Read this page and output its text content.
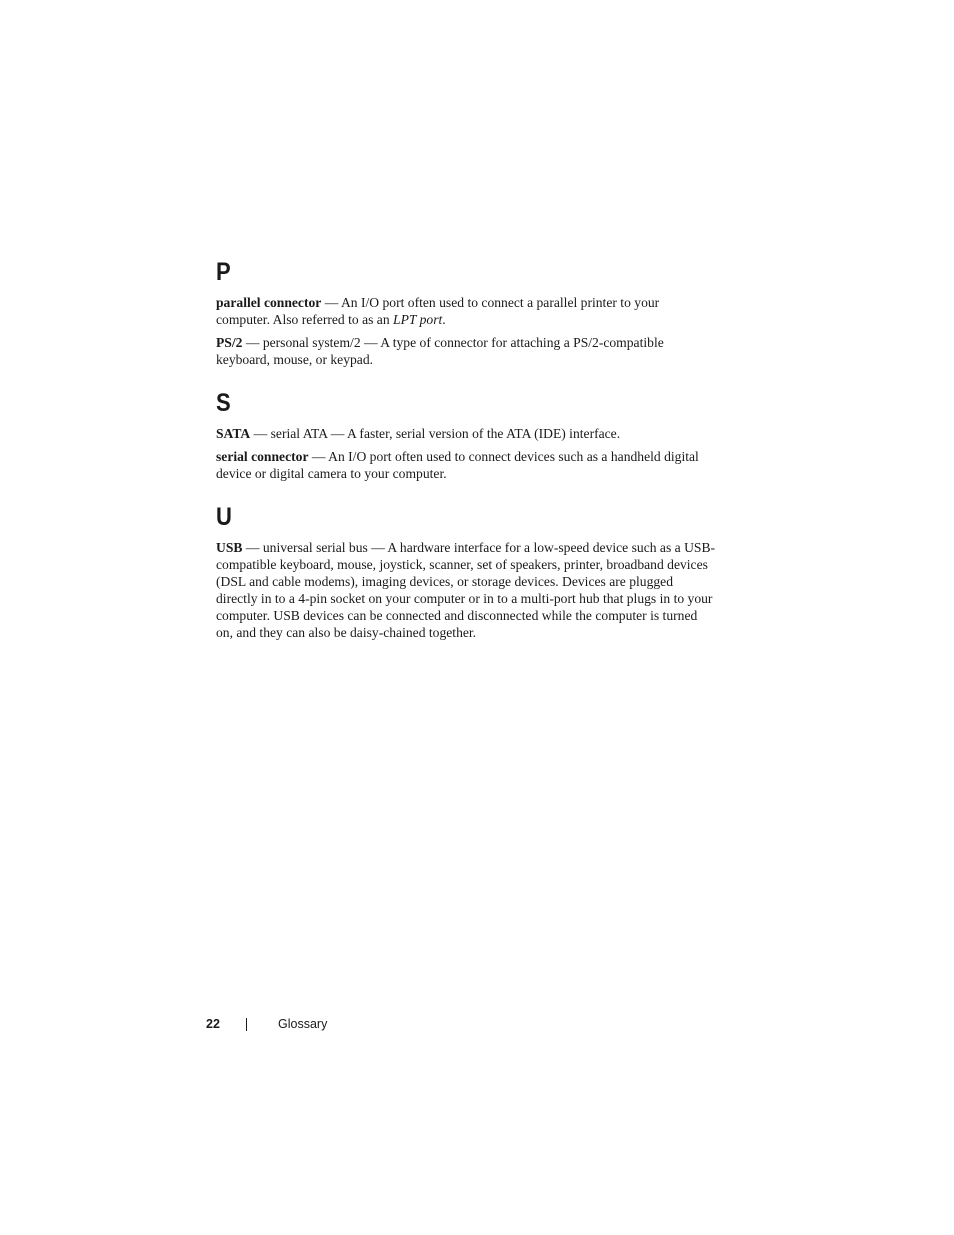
P

parallel connector — An I/O port often used to connect a parallel printer to your computer. Also referred to as an LPT port.

PS/2 — personal system/2 — A type of connector for attaching a PS/2-compatible keyboard, mouse, or keypad.

S

SATA — serial ATA — A faster, serial version of the ATA (IDE) interface.

serial connector — An I/O port often used to connect devices such as a handheld digital device or digital camera to your computer.

U

USB — universal serial bus — A hardware interface for a low-speed device such as a USB-compatible keyboard, mouse, joystick, scanner, set of speakers, printer, broadband devices (DSL and cable modems), imaging devices, or storage devices. Devices are plugged directly in to a 4-pin socket on your computer or in to a multi-port hub that plugs in to your computer. USB devices can be connected and disconnected while the computer is turned on, and they can also be daisy-chained together.

22	Glossary
